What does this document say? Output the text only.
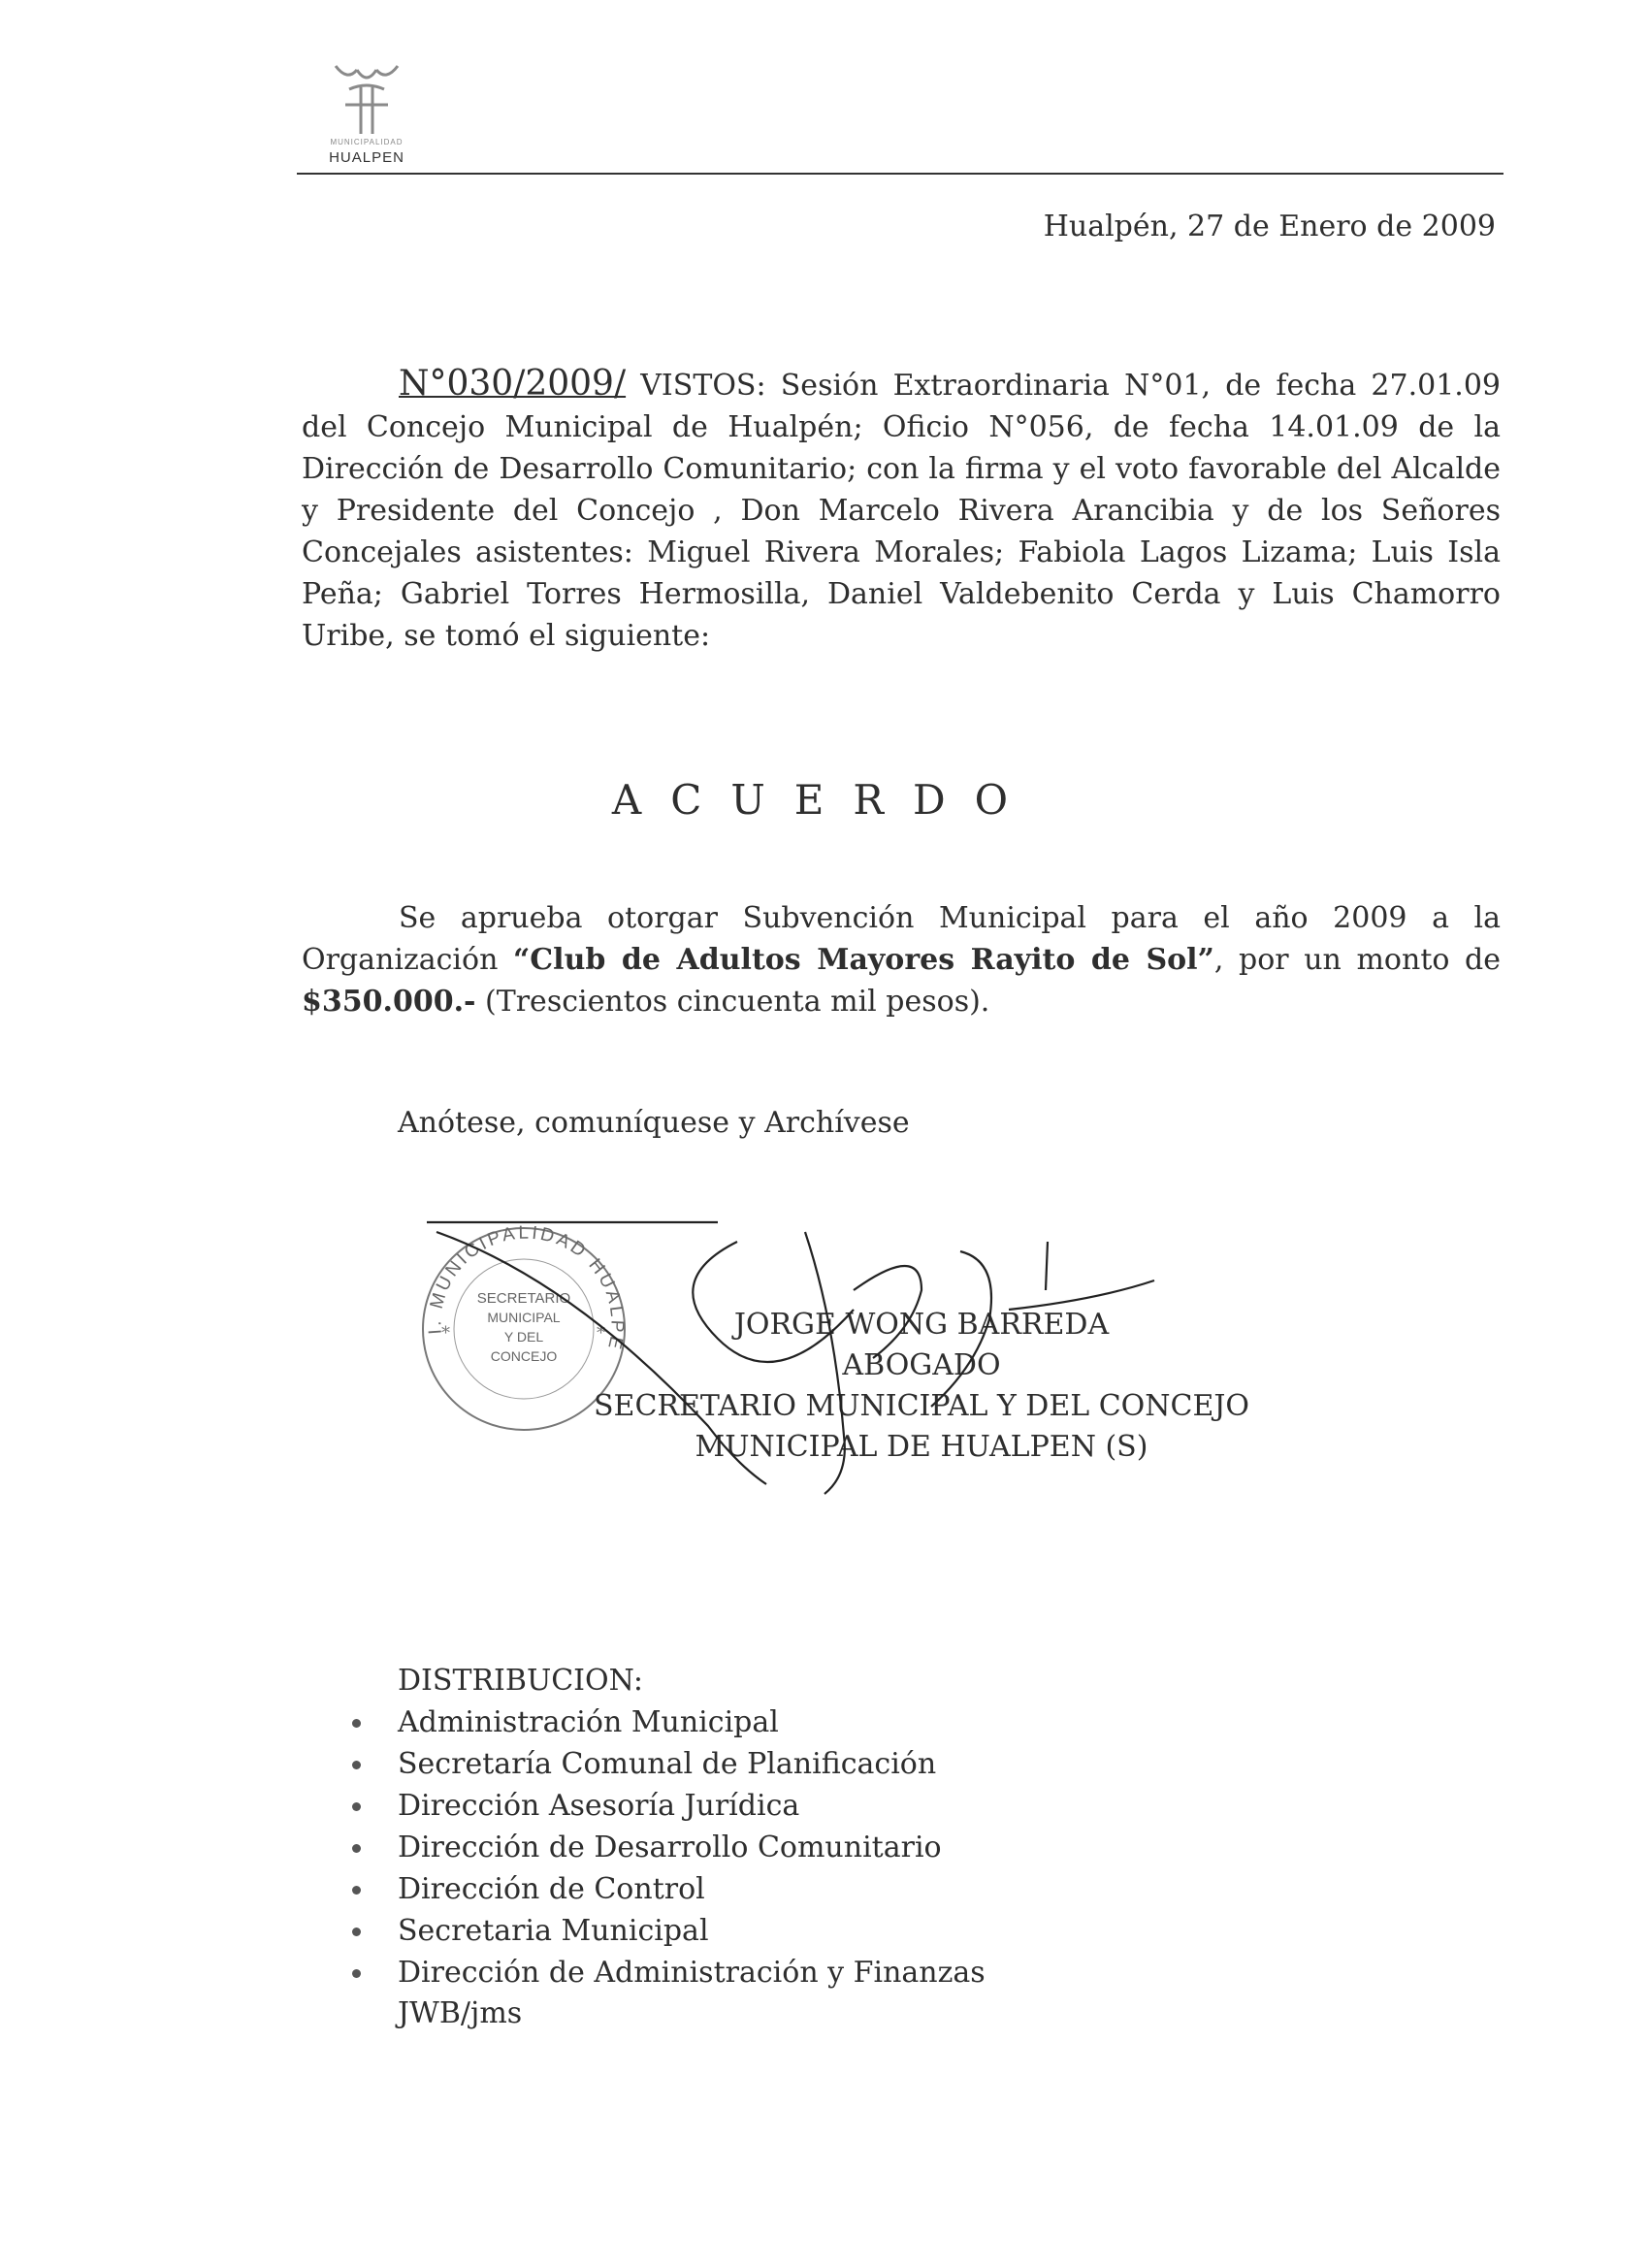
MUNICIPALIDAD
HUALPEN
Hualpén, 27 de Enero de 2009
N°030/2009/ VISTOS: Sesión Extraordinaria N°01, de fecha 27.01.09 del Concejo Municipal de Hualpén; Oficio N°056, de fecha 14.01.09 de la Dirección de Desarrollo Comunitario; con la firma y el voto favorable del Alcalde y Presidente del Concejo , Don Marcelo Rivera Arancibia y de los Señores Concejales asistentes: Miguel Rivera Morales; Fabiola Lagos Lizama; Luis Isla Peña; Gabriel Torres Hermosilla, Daniel Valdebenito Cerda y Luis Chamorro Uribe, se tomó el siguiente:
ACUERDO
Se aprueba otorgar Subvención Municipal para el año 2009 a la Organización “Club de Adultos Mayores Rayito de Sol”, por un monto de $350.000.- (Trescientos cincuenta mil pesos).
Anótese, comuníquese y Archívese
I. MUNICIPALIDAD HUALPE
SECRETARIO
MUNICIPAL
Y DEL
CONCEJO
*	*	JORGE WONG BARREDA
ABOGADO
SECRETARIO MUNICIPAL Y DEL CONCEJO
MUNICIPAL DE HUALPEN (S)
DISTRIBUCION:
Administración Municipal
Secretaría Comunal de Planificación
Dirección Asesoría Jurídica
Dirección de Desarrollo Comunitario
Dirección de Control
Secretaria Municipal
Dirección de Administración y Finanzas
JWB/jms
